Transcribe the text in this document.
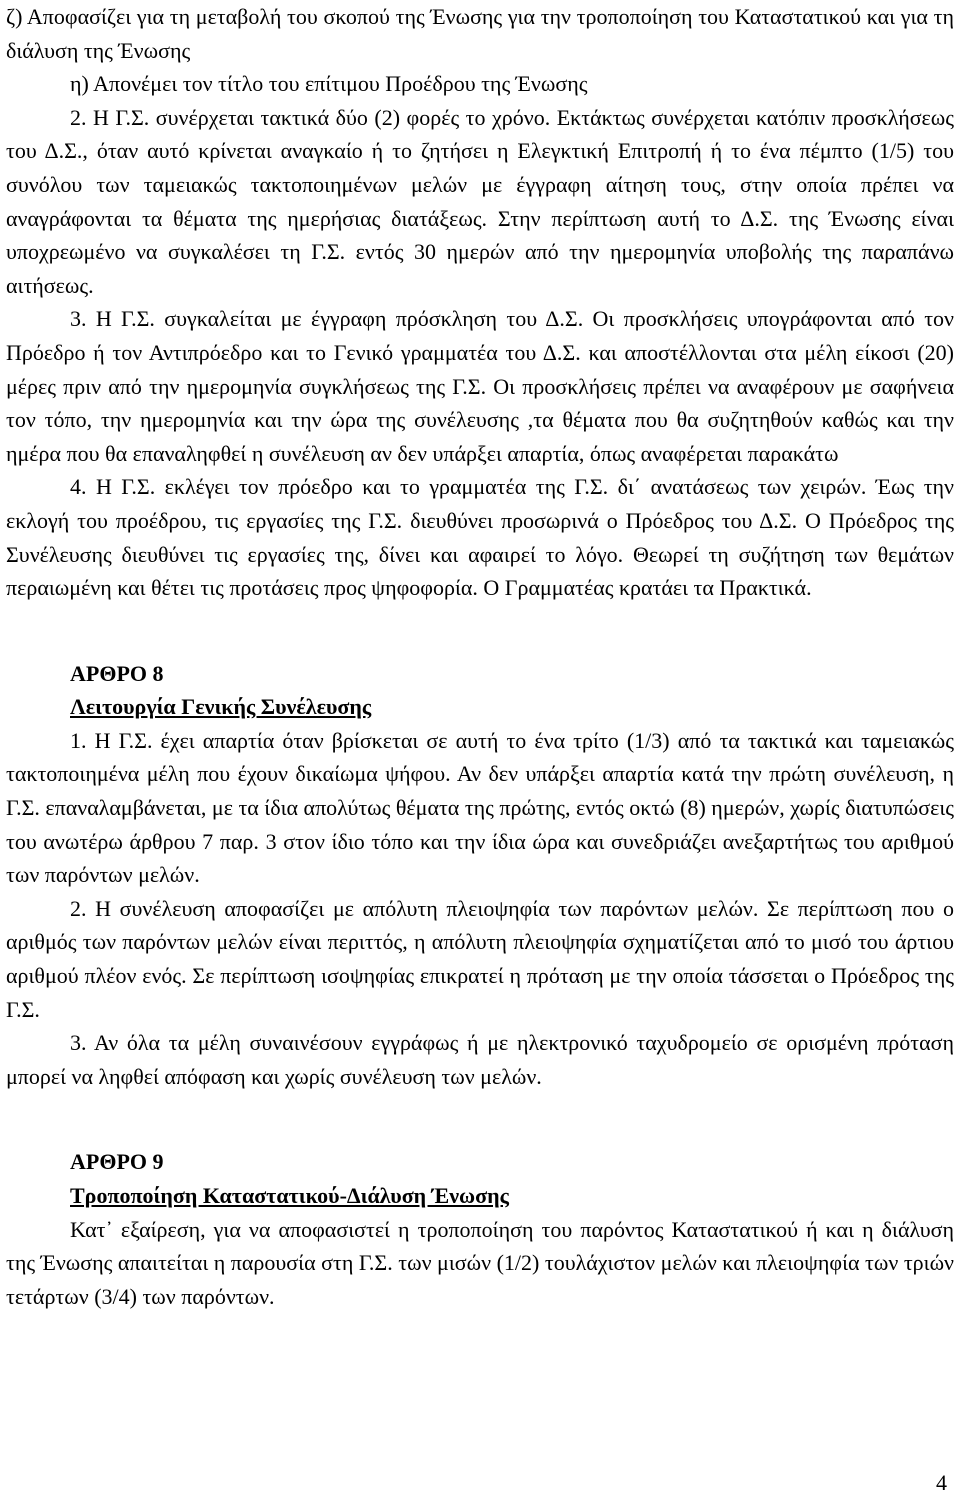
ζ) Αποφασίζει για τη μεταβολή του σκοπού της Ένωσης για την τροποποίηση του Καταστατικού και για τη διάλυση της Ένωσης

η) Απονέμει τον τίτλο του επίτιμου Προέδρου της Ένωσης

2. Η Γ.Σ. συνέρχεται τακτικά δύο (2) φορές το χρόνο. Εκτάκτως συνέρχεται κατόπιν προσκλήσεως του Δ.Σ., όταν αυτό κρίνεται αναγκαίο ή το ζητήσει η Ελεγκτική Επιτροπή ή το ένα πέμπτο (1/5) του συνόλου των ταμειακώς τακτοποιημένων μελών με έγγραφη αίτηση τους, στην οποία πρέπει να αναγράφονται τα θέματα της ημερήσιας διατάξεως. Στην περίπτωση αυτή το Δ.Σ. της Ένωσης είναι υποχρεωμένο να συγκαλέσει τη Γ.Σ. εντός 30 ημερών από την ημερομηνία υποβολής της παραπάνω αιτήσεως.

3. Η Γ.Σ. συγκαλείται με έγγραφη πρόσκληση του Δ.Σ. Οι προσκλήσεις υπογράφονται από τον Πρόεδρο ή τον Αντιπρόεδρο και το Γενικό γραμματέα του Δ.Σ. και αποστέλλονται στα μέλη είκοσι (20) μέρες πριν από την ημερομηνία συγκλήσεως της Γ.Σ. Οι προσκλήσεις πρέπει να αναφέρουν με σαφήνεια τον τόπο, την ημερομηνία και την ώρα της συνέλευσης ,τα θέματα που θα συζητηθούν καθώς και την ημέρα που θα επαναληφθεί η συνέλευση αν δεν υπάρξει απαρτία, όπως αναφέρεται παρακάτω

4. Η Γ.Σ. εκλέγει τον πρόεδρο και το γραμματέα της Γ.Σ. δι΄ ανατάσεως των χειρών. Έως την εκλογή του προέδρου, τις εργασίες της Γ.Σ. διευθύνει προσωρινά ο Πρόεδρος του Δ.Σ. Ο Πρόεδρος της Συνέλευσης διευθύνει τις εργασίες της, δίνει και αφαιρεί το λόγο. Θεωρεί τη συζήτηση των θεμάτων περαιωμένη και θέτει τις προτάσεις προς ψηφοφορία. Ο Γραμματέας κρατάει τα Πρακτικά.

ΑΡΘΡΟ 8

Λειτουργία Γενικής Συνέλευσης

1. Η Γ.Σ. έχει απαρτία όταν βρίσκεται σε αυτή το ένα τρίτο (1/3) από τα τακτικά και ταμειακώς τακτοποιημένα μέλη που έχουν δικαίωμα ψήφου. Αν δεν υπάρξει απαρτία κατά την πρώτη συνέλευση, η Γ.Σ. επαναλαμβάνεται, με τα ίδια απολύτως θέματα της πρώτης, εντός οκτώ (8) ημερών, χωρίς διατυπώσεις του ανωτέρω άρθρου 7 παρ. 3 στον ίδιο τόπο και την ίδια ώρα και συνεδριάζει ανεξαρτήτως του αριθμού των παρόντων μελών.

2. Η συνέλευση αποφασίζει με απόλυτη πλειοψηφία των παρόντων μελών. Σε περίπτωση που ο αριθμός των παρόντων μελών είναι περιττός, η απόλυτη πλειοψηφία σχηματίζεται από το μισό του άρτιου αριθμού πλέον ενός. Σε περίπτωση ισοψηφίας επικρατεί η πρόταση με την οποία τάσσεται ο Πρόεδρος της Γ.Σ.

3. Αν όλα τα μέλη συναινέσουν εγγράφως ή με ηλεκτρονικό ταχυδρομείο σε ορισμένη πρόταση μπορεί να ληφθεί απόφαση και χωρίς συνέλευση των μελών.

ΑΡΘΡΟ 9

Τροποποίηση Καταστατικού-Διάλυση Ένωσης

Κατ᾽ εξαίρεση, για να αποφασιστεί η τροποποίηση του παρόντος Καταστατικού ή και η διάλυση της Ένωσης απαιτείται η παρουσία στη Γ.Σ. των μισών (1/2) τουλάχιστον μελών και πλειοψηφία των τριών τετάρτων (3/4) των παρόντων.

4
